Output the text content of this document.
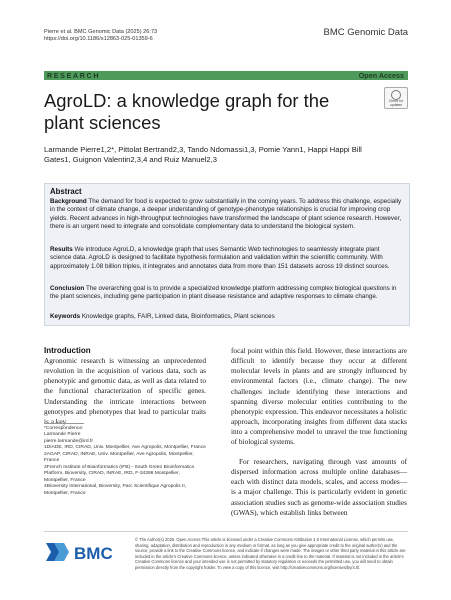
Pierre et al. BMC Genomic Data (2025) 26:73
https://doi.org/10.1186/s12863-025-01359-6
BMC Genomic Data
RESEARCH	Open Access
Check for updates
AgroLD: a knowledge graph for the plant sciences
Larmande Pierre1,2*, Pittolat Bertrand2,3, Tando Ndomassi1,3, Pomie Yann1, Happi Happi Bill Gates1, Guignon Valentin2,3,4 and Ruiz Manuel2,3
Abstract
Background The demand for food is expected to grow substantially in the coming years. To address this challenge, especially in the context of climate change, a deeper understanding of genotype-phenotype relationships is crucial for improving crop yields. Recent advances in high-throughput technologies have transformed the landscape of plant science research. However, there is an urgent need to integrate and consolidate complementary data to understand the biological system.
Results We introduce AgroLD, a knowledge graph that uses Semantic Web technologies to seamlessly integrate plant science data. AgroLD is designed to facilitate hypothesis formulation and validation within the scientific community. With approximately 1.08 billion triples, it integrates and annotates data from more than 151 datasets across 19 distinct sources.
Conclusion The overarching goal is to provide a specialized knowledge platform addressing complex biological questions in the plant sciences, including gene participation in plant disease resistance and adaptive responses to climate change.
Keywords Knowledge graphs, FAIR, Linked data, Bioinformatics, Plant sciences
Introduction
Agronomic research is witnessing an unprecedented revolution in the acquisition of various data, such as phenotypic and genomic data, as well as data related to the functional characterization of specific genes. Understanding the intricate interactions between genotypes and phenotypes that lead to particular traits is a key
focal point within this field. However, these interactions are difficult to identify because they occur at different molecular levels in plants and are strongly influenced by environmental factors (i.e., climate change). The new challenges include identifying these interactions and spanning diverse molecular entities contributing to the phenotypic expression. This endeavor necessitates a holistic approach, incorporating insights from different data stacks into a comprehensive model to unravel the true functioning of biological systems.
For researchers, navigating through vast amounts of dispersed information across multiple online databases—each with distinct data models, scales, and access modes—is a major challenge. This is particularly evident in genetic association studies such as genome-wide association studies (GWAS), which establish links between
*Correspondence:
Larmande Pierre
pierre.larmande@ird.fr
1DIADE, IRD, CIRAD, Univ. Montpellier, Ave Agropolis, Montpellier, France
2AGAP, CIRAD, INRAE, Univ. Montpellier, Ave Agropolis, Montpellier, France
3French Institute of Bioinformatics (IFB) - South Green Bioinformatics Platform, Bioversity, CIRAD, INRAE, IRD, F-34398 Montpellier, Montpellier, France
4Bioversity International, Bioversity, Parc Scientifique Agropolis II, Montpellier, France
BMC
© The Author(s) 2025. Open Access This article is licensed under a Creative Commons Attribution 4.0 International License, which permits use, sharing, adaptation, distribution and reproduction in any medium or format, as long as you give appropriate credit to the original author(s) and the source, provide a link to the Creative Commons licence, and indicate if changes were made. The images or other third party material in this article are included in the article's Creative Commons licence, unless indicated otherwise in a credit line to the material. If material is not included in the article's Creative Commons licence and your intended use is not permitted by statutory regulation or exceeds the permitted use, you will need to obtain permission directly from the copyright holder. To view a copy of this licence, visit http://creativecommons.org/licenses/by/4.0/.
